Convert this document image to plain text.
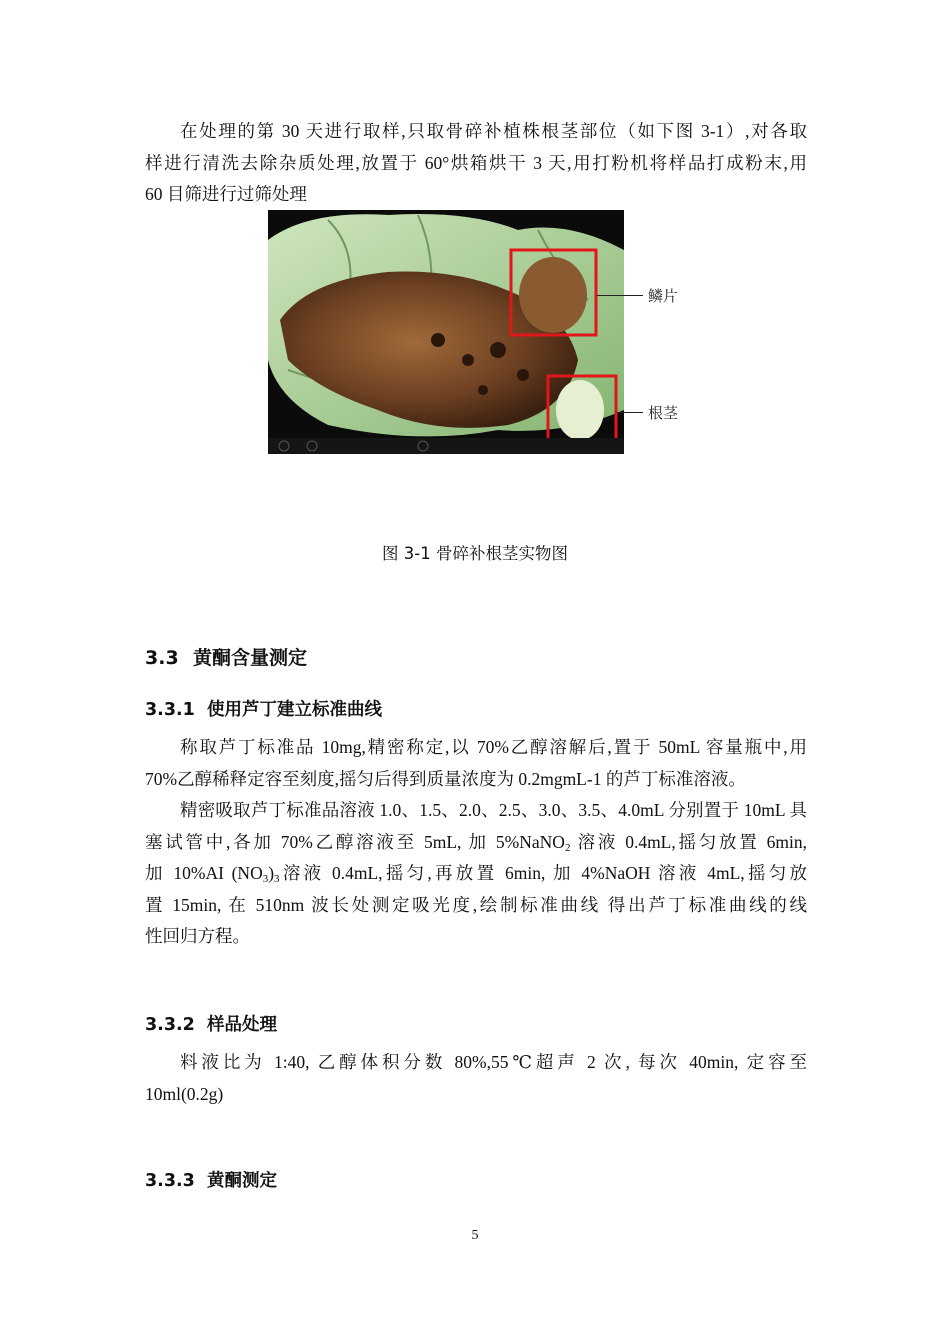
在处理的第 30 天进行取样,只取骨碎补植株根茎部位（如下图 3-1）,对各取
样进行清洗去除杂质处理,放置于 60°烘箱烘干 3 天,用打粉机将样品打成粉末,用
60 目筛进行过筛处理
鳞片
根茎
图 3-1 骨碎补根茎实物图
3.3 黄酮含量测定
3.3.1 使用芦丁建立标准曲线
称取芦丁标准品 10mg,精密称定,以 70%乙醇溶解后,置于 50mL 容量瓶中,用
70%乙醇稀释定容至刻度,摇匀后得到质量浓度为 0.2mgmL-1 的芦丁标准溶液。
精密吸取芦丁标准品溶液 1.0、1.5、2.0、2.5、3.0、3.5、4.0mL 分别置于 10mL 具
塞试管中,各加 70%乙醇溶液至 5mL, 加 5%NaNO$_2$ 溶液 0.4mL,摇匀放置 6min,
加 10%AI $(NO_3)_3$溶液 0.4mL,摇匀,再放置 6min, 加 4%NaOH 溶液 4mL,摇匀放
置 15min, 在 510nm 波长处测定吸光度,绘制标准曲线 得出芦丁标准曲线的线
性回归方程。
3.3.2 样品处理
料液比为 1:40, 乙醇体积分数 80%,55℃超声 2 次, 每次 40min, 定容至
10ml(0.2g)
3.3.3 黄酮测定
5
